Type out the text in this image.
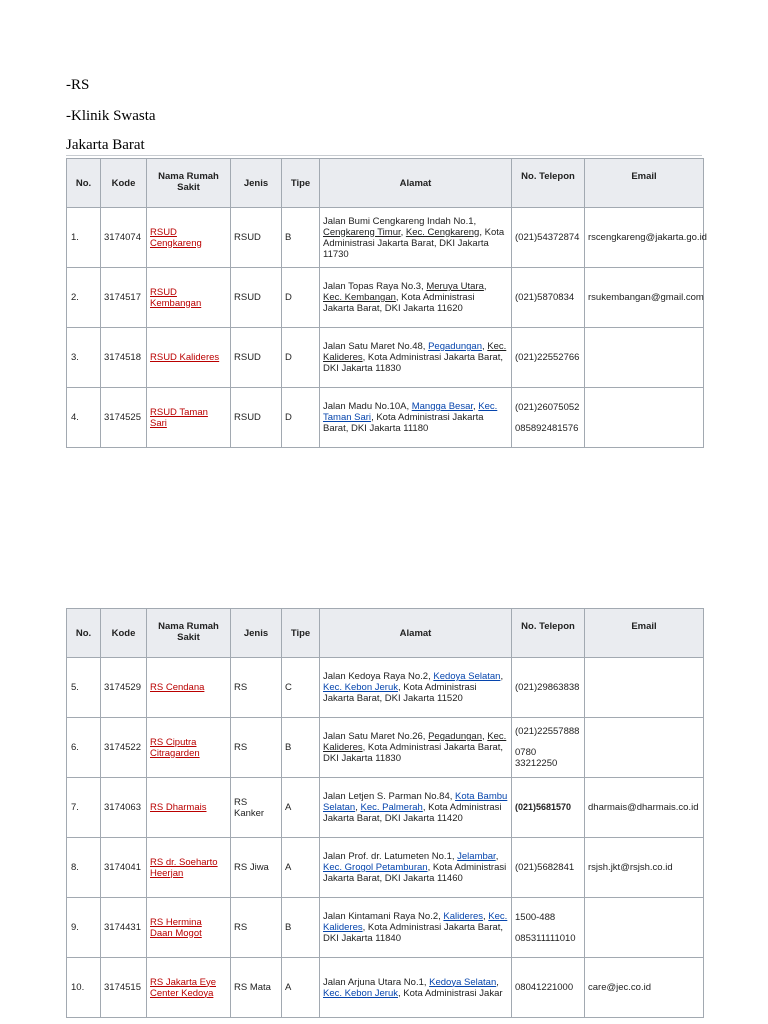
-RS

-Klinik Swasta

Jakarta Barat

No.	Kode	Nama Rumah Sakit	Jenis	Tipe	Alamat	No. Telepon	Email
1.	3174074	RSUD Cengkareng	RSUD	B	Jalan Bumi Cengkareng Indah No.1, Cengkareng Timur, Kec. Cengkareng, Kota Administrasi Jakarta Barat, DKI Jakarta 11730	(021)54372874	rscengkareng@jakarta.go.id
2.	3174517	RSUD Kembangan	RSUD	D	Jalan Topas Raya No.3, Meruya Utara, Kec. Kembangan, Kota Administrasi Jakarta Barat, DKI Jakarta 11620	(021)5870834	rsukembangan@gmail.com
3.	3174518	RSUD Kalideres	RSUD	D	Jalan Satu Maret No.48, Pegadungan, Kec. Kalideres, Kota Administrasi Jakarta Barat, DKI Jakarta 11830	(021)22552766	

4.	3174525	RSUD Taman Sari	RSUD	D	Jalan Madu No.10A, Mangga Besar, Kec. Taman Sari, Kota Administrasi Jakarta Barat, DKI Jakarta 11180	(021)26075052
085892481576	

No.	Kode	Nama Rumah Sakit	Jenis	Tipe	Alamat	No. Telepon	Email
5.	3174529	RS Cendana	RS	C	Jalan Kedoya Raya No.2, Kedoya Selatan, Kec. Kebon Jeruk, Kota Administrasi Jakarta Barat, DKI Jakarta 11520	(021)29863838	

6.	3174522	RS Ciputra Citragarden	RS	B	Jalan Satu Maret No.26, Pegadungan, Kec. Kalideres, Kota Administrasi Jakarta Barat, DKI Jakarta 11830	(021)22557888
0780 33212250	

7.	3174063	RS Dharmais	RS Kanker	A	Jalan Letjen S. Parman No.84, Kota Bambu Selatan, Kec. Palmerah, Kota Administrasi Jakarta Barat, DKI Jakarta 11420	(021)5681570	dharmais@dharmais.co.id
8.	3174041	RS dr. Soeharto Heerjan	RS Jiwa	A	Jalan Prof. dr. Latumeten No.1, Jelambar, Kec. Grogol Petamburan, Kota Administrasi Jakarta Barat, DKI Jakarta 11460	(021)5682841	rsjsh.jkt@rsjsh.co.id
9.	3174431	RS Hermina Daan Mogot	RS	B	Jalan Kintamani Raya No.2, Kalideres, Kec. Kalideres, Kota Administrasi Jakarta Barat, DKI Jakarta 11840	1500-488
085311111010	

10.	3174515	RS Jakarta Eye Center Kedoya	RS Mata	A	Jalan Arjuna Utara No.1, Kedoya Selatan, Kec. Kebon Jeruk, Kota Administrasi Jakar	08041221000	care@jec.co.id
